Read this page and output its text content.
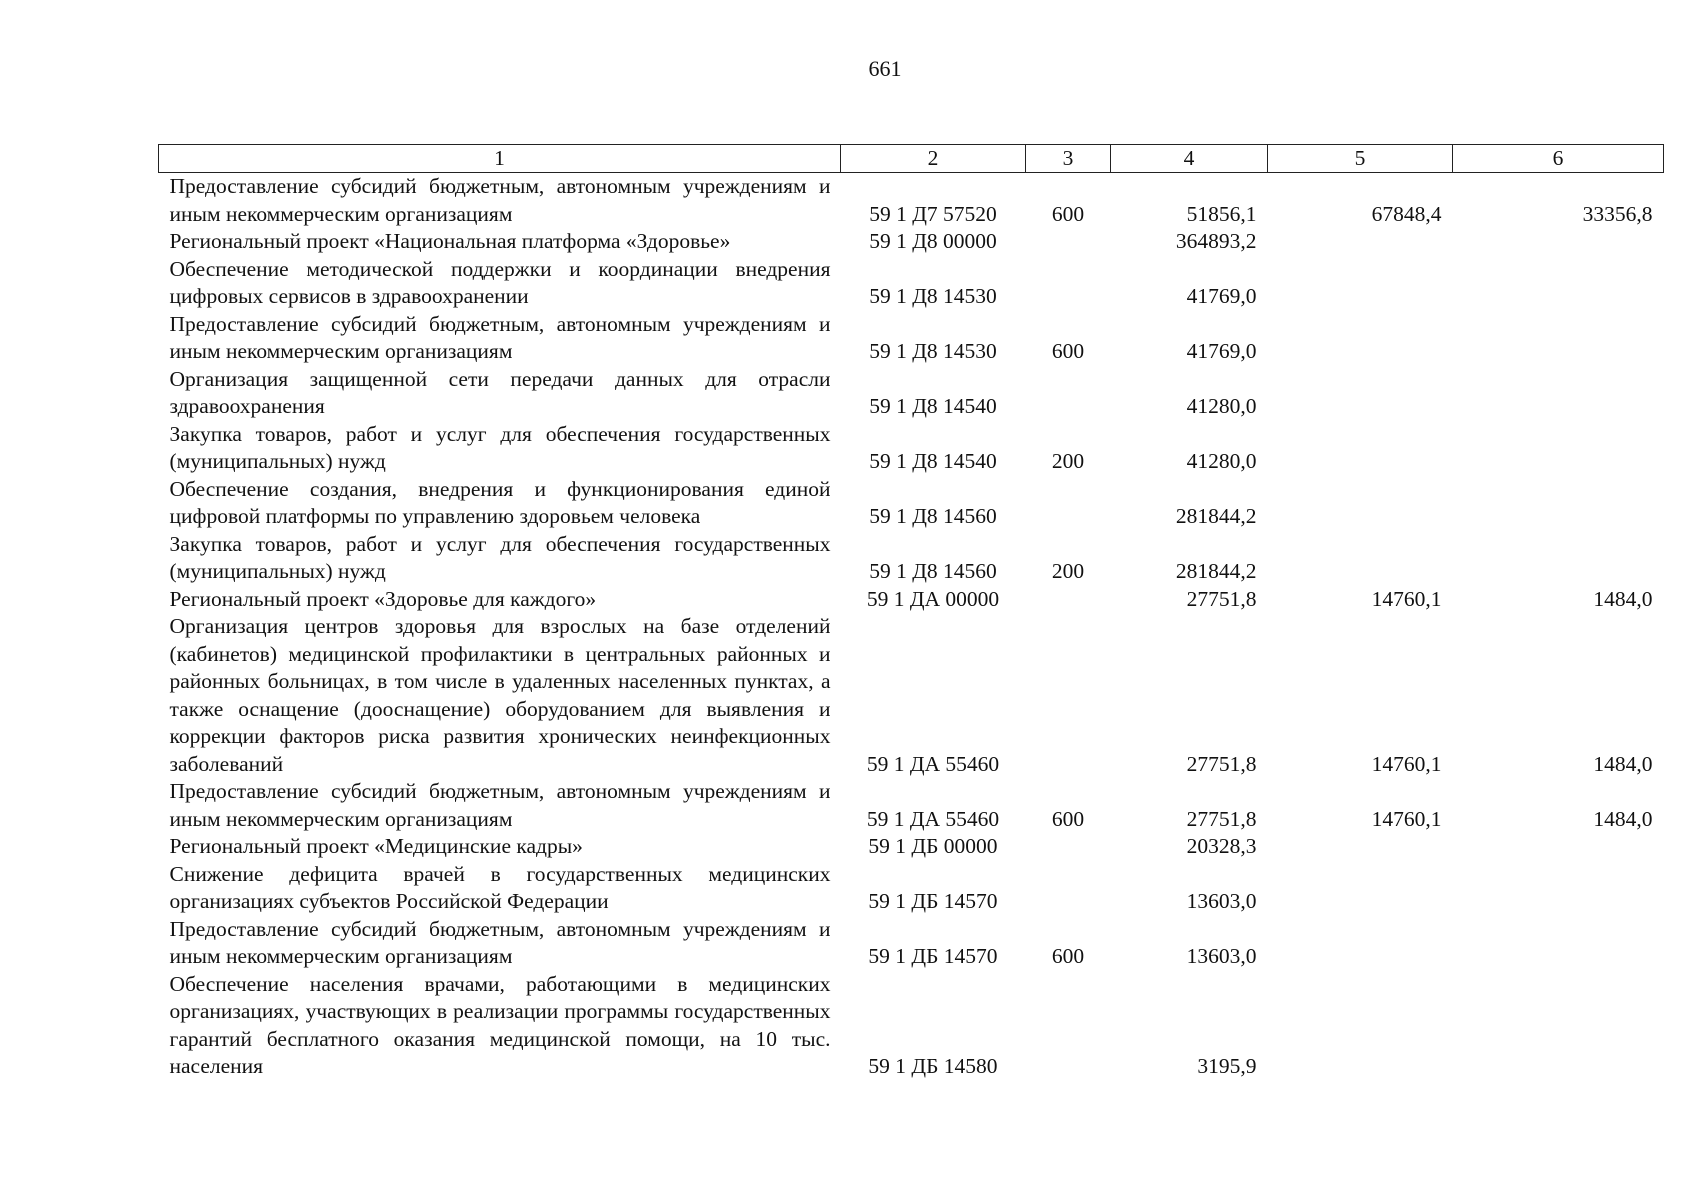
661
1	2	3	4	5	6
Предоставление субсидий бюджетным, автономным учреждениям и иным некоммерческим организациям	59 1 Д7 57520	600	51856,1	67848,4	33356,8
Региональный проект «Национальная платформа «Здоровье»	59 1 Д8 00000		364893,2		
Обеспечение методической поддержки и координации внедрения цифровых сервисов в здравоохранении	59 1 Д8 14530		41769,0		
Предоставление субсидий бюджетным, автономным учреждениям и иным некоммерческим организациям	59 1 Д8 14530	600	41769,0		
Организация защищенной сети передачи данных для отрасли здравоохранения	59 1 Д8 14540		41280,0		
Закупка товаров, работ и услуг для обеспечения государственных (муниципальных) нужд	59 1 Д8 14540	200	41280,0		
Обеспечение создания, внедрения и функционирования единой цифровой платформы по управлению здоровьем человека	59 1 Д8 14560		281844,2		
Закупка товаров, работ и услуг для обеспечения государственных (муниципальных) нужд	59 1 Д8 14560	200	281844,2		
Региональный проект «Здоровье для каждого»	59 1 ДА 00000		27751,8	14760,1	1484,0
Организация центров здоровья для взрослых на базе отделений (кабинетов) медицинской профилактики в центральных районных и районных больницах, в том числе в удаленных населенных пунктах, а также оснащение (дооснащение) оборудованием для выявления и коррекции факторов риска развития хронических неинфекционных заболеваний	59 1 ДА 55460		27751,8	14760,1	1484,0
Предоставление субсидий бюджетным, автономным учреждениям и иным некоммерческим организациям	59 1 ДА 55460	600	27751,8	14760,1	1484,0
Региональный проект «Медицинские кадры»	59 1 ДБ 00000		20328,3		
Снижение дефицита врачей в государственных медицинских организациях субъектов Российской Федерации	59 1 ДБ 14570		13603,0		
Предоставление субсидий бюджетным, автономным учреждениям и иным некоммерческим организациям	59 1 ДБ 14570	600	13603,0		
Обеспечение населения врачами, работающими в медицинских организациях, участвующих в реализации программы государственных гарантий бесплатного оказания медицинской помощи, на 10 тыс. населения	59 1 ДБ 14580		3195,9		
